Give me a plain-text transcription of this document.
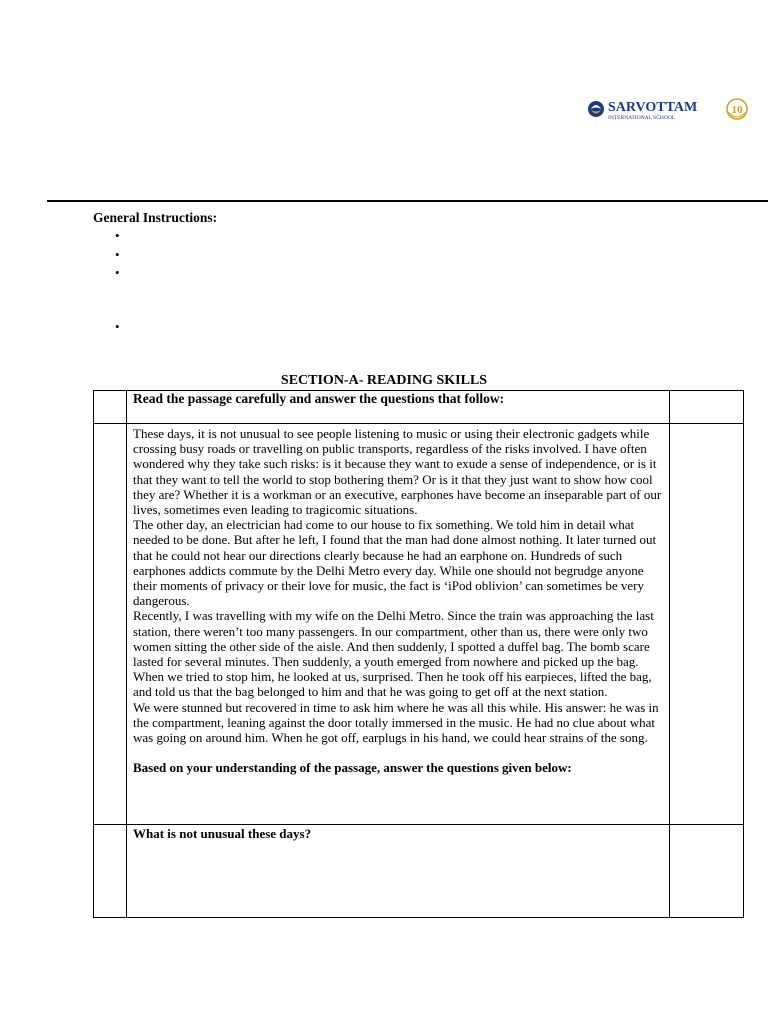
SARVOTTAM
INTERNATIONAL SCHOOL
10

General Instructions:

•
•
•
•
SECTION-A- READING SKILLS

	Read the passage carefully and answer the questions that follow:	

	These days, it is not unusual to see people listening to music or using their electronic gadgets while crossing busy roads or travelling on public transports, regardless of the risks involved. I have often wondered why they take such risks: is it because they want to exude a sense of independence, or is it that they want to tell the world to stop bothering them? Or is it that they just want to show how cool they are? Whether it is a workman or an executive, earphones have become an inseparable part of our lives, sometimes even leading to tragicomic situations.

The other day, an electrician had come to our house to fix something. We told him in detail what needed to be done. But after he left, I found that the man had done almost nothing. It later turned out that he could not hear our directions clearly because he had an earphone on. Hundreds of such earphones addicts commute by the Delhi Metro every day. While one should not begrudge anyone their moments of privacy or their love for music, the fact is ‘iPod oblivion’ can sometimes be very dangerous.

Recently, I was travelling with my wife on the Delhi Metro. Since the train was approaching the last station, there weren’t too many passengers. In our compartment, other than us, there were only two women sitting the other side of the aisle. And then suddenly, I spotted a duffel bag. The bomb scare lasted for several minutes. Then suddenly, a youth emerged from nowhere and picked up the bag. When we tried to stop him, he looked at us, surprised. Then he took off his earpieces, lifted the bag, and told us that the bag belonged to him and that he was going to get off at the next station.

We were stunned but recovered in time to ask him where he was all this while. His answer: he was in the compartment, leaning against the door totally immersed in the music. He had no clue about what was going on around him. When he got off, earplugs in his hand, we could hear strains of the song.

Based on your understanding of the passage, answer the questions given below:	

	What is not unusual these days?	
